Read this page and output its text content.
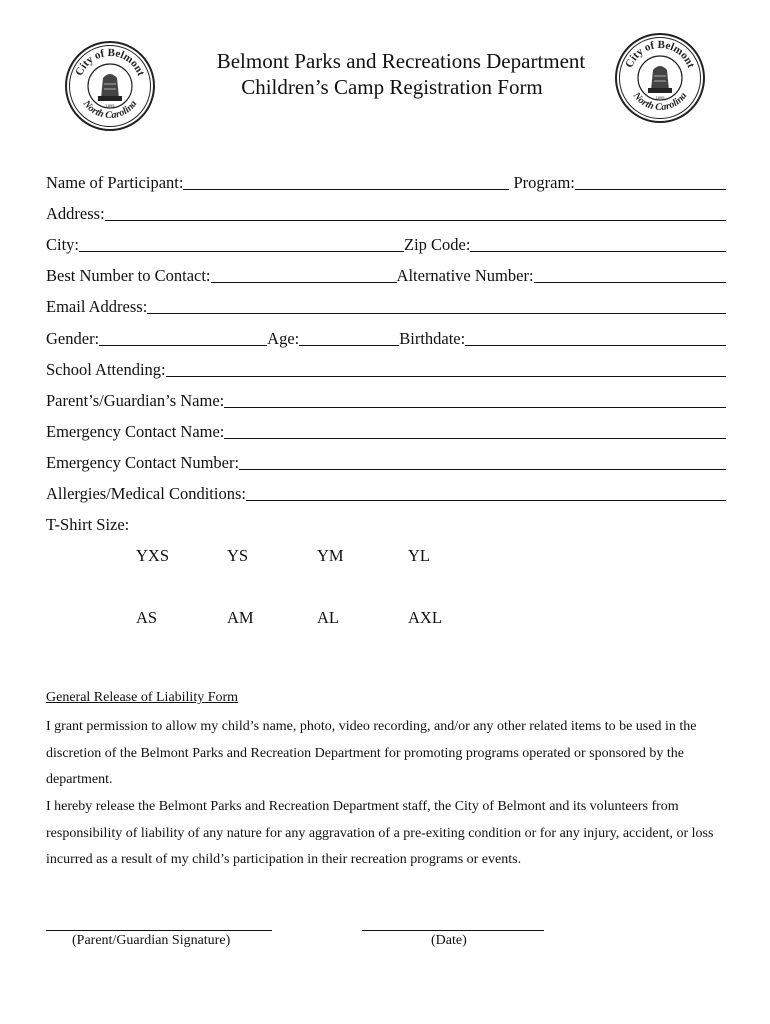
City of Belmont
North Carolina
1895
City of Belmont
North Carolina
1895
Belmont Parks and Recreations Department
Children’s Camp Registration Form
Name of Participant:	Program:
Address:
City:	Zip Code:
Best Number to Contact:	Alternative Number:
Email Address:
Gender:	Age:	Birthdate:
School Attending:
Parent’s/Guardian’s Name:
Emergency Contact Name:
Emergency Contact Number:
Allergies/Medical Conditions:
T-Shirt Size:
YXS	YS	YM	YL
AS	AM	AL	AXL
General Release of Liability Form
I grant permission to allow my child’s name, photo, video recording, and/or any other related items to be used in the discretion of the Belmont Parks and Recreation Department for promoting programs operated or sponsored by the department.
I hereby release the Belmont Parks and Recreation Department staff, the City of Belmont and its volunteers from responsibility of liability of any nature for any aggravation of a pre-exiting condition or for any injury, accident, or loss incurred as a result of my child’s participation in their recreation programs or events.
(Parent/Guardian Signature)	(Date)
